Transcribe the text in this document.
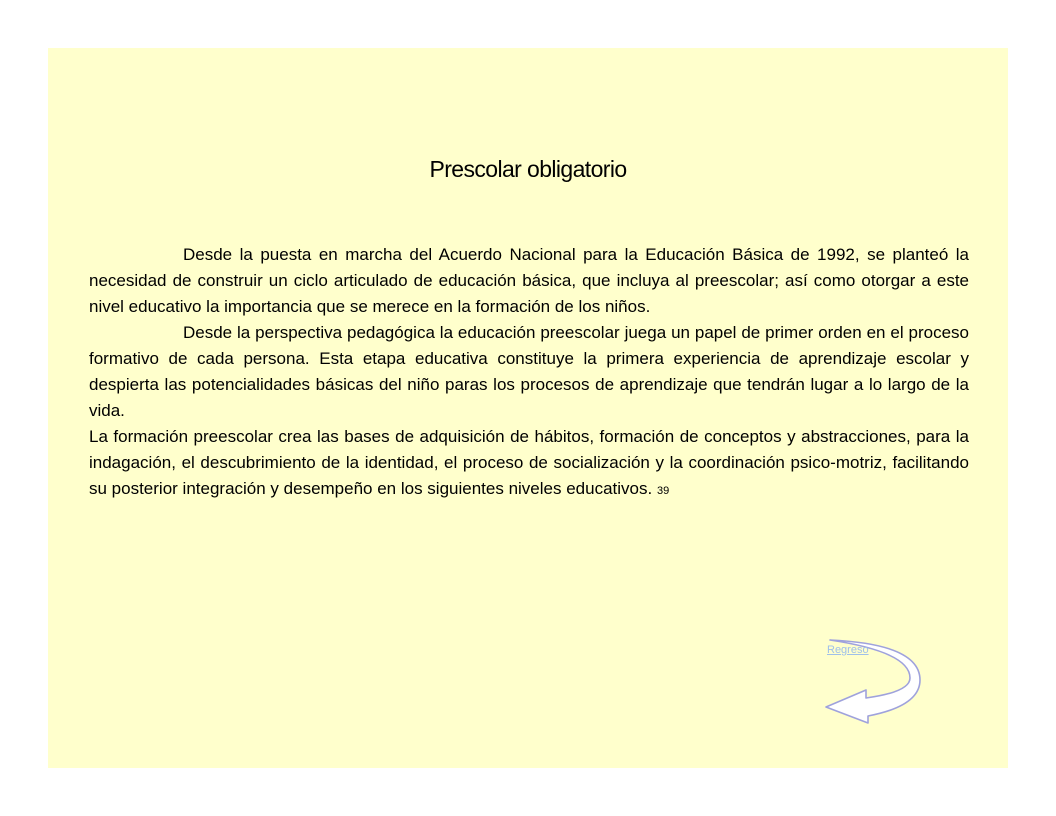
Prescolar obligatorio

Desde la puesta en marcha del Acuerdo Nacional para la Educación Básica de 1992, se planteó la necesidad de construir un ciclo articulado de educación básica, que incluya al preescolar; así como otorgar a este nivel educativo la importancia que se merece en la formación de los niños.

Desde la perspectiva pedagógica la educación preescolar juega un papel de primer orden en el proceso formativo de cada persona. Esta etapa educativa constituye la primera experiencia de aprendizaje escolar y despierta las potencialidades básicas del niño paras los procesos de aprendizaje que tendrán lugar a lo largo de la vida.

La formación preescolar crea las bases de adquisición de hábitos, formación de conceptos y abstracciones, para la indagación, el descubrimiento de la identidad, el proceso de socialización y la coordinación psico-motriz, facilitando su posterior integración y desempeño en los siguientes niveles educativos. 39

Regreso
